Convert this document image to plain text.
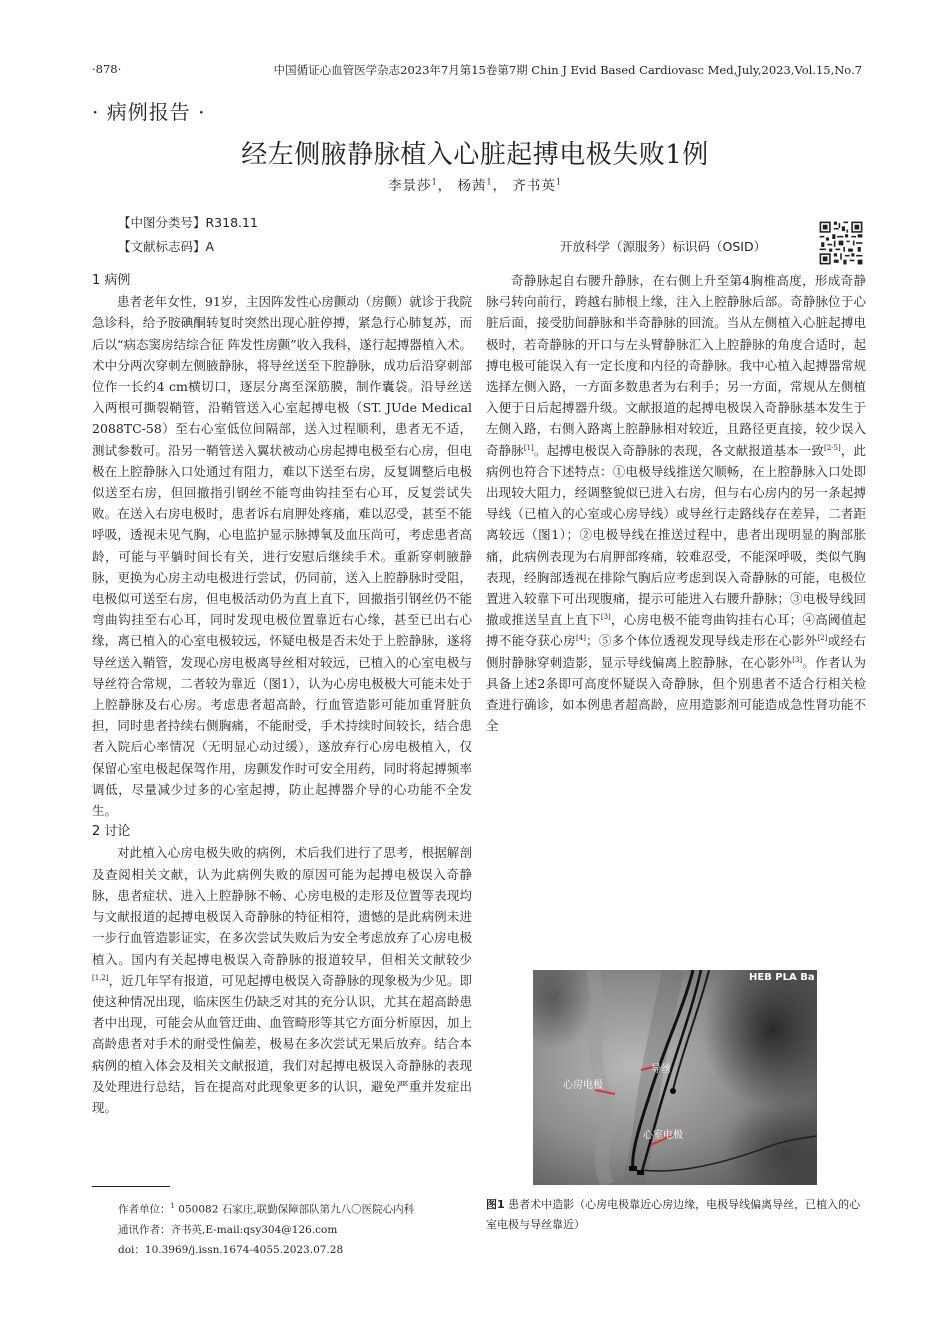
·878·	中国循证心血管医学杂志2023年7月第15卷第7期 Chin J Evid Based Cardiovasc Med,July,2023,Vol.15,No.7
· 病例报告 ·
经左侧腋静脉植入心脏起搏电极失败1例
李景莎$^1$， 杨茜$^1$， 齐书英$^1$
【中图分类号】R318.11
【文献标志码】A	开放科学（源服务）标识码（OSID）
1 病例

患者老年女性，91岁，主因阵发性心房颤动（房颤）就诊于我院急诊科，给予胺碘酮转复时突然出现心脏停搏，紧急行心肺复苏，而后以“病态窦房结综合征 阵发性房颤”收入我科，遂行起搏器植入术。术中分两次穿刺左侧腋静脉，将导丝送至下腔静脉，成功后沿穿刺部位作一长约4 cm横切口，逐层分离至深筋膜，制作囊袋。沿导丝送入两根可撕裂鞘管，沿鞘管送入心室起搏电极（ST. JUde Medical 2088TC-58）至右心室低位间隔部，送入过程顺利，患者无不适，测试参数可。沿另一鞘管送入翼状被动心房起搏电极至右心房，但电极在上腔静脉入口处通过有阻力，难以下送至右房，反复调整后电极似送至右房，但回撤指引钢丝不能弯曲钩挂至右心耳，反复尝试失败。在送入右房电极时，患者诉右肩胛处疼痛，难以忍受，甚至不能呼吸，透视未见气胸，心电监护显示脉搏氧及血压尚可，考虑患者高龄，可能与平躺时间长有关，进行安慰后继续手术。重新穿刺腋静脉，更换为心房主动电极进行尝试，仍同前，送入上腔静脉时受阻，电极似可送至右房，但电极活动仍为直上直下，回撤指引钢丝仍不能弯曲钩挂至右心耳，同时发现电极位置靠近右心缘，甚至已出右心缘，离已植入的心室电极较远，怀疑电极是否未处于上腔静脉，遂将导丝送入鞘管，发现心房电极离导丝相对较远，已植入的心室电极与导丝符合常规，二者较为靠近（图1），认为心房电极极大可能未处于上腔静脉及右心房。考虑患者超高龄，行血管造影可能加重肾脏负担，同时患者持续右侧胸痛，不能耐受，手术持续时间较长，结合患者入院后心率情况（无明显心动过缓），遂放弃行心房电极植入，仅保留心室电极起保驾作用，房颤发作时可安全用药，同时将起搏频率调低，尽量减少过多的心室起搏，防止起搏器介导的心功能不全发生。

2 讨论

对此植入心房电极失败的病例，术后我们进行了思考，根据解剖及查阅相关文献，认为此病例失败的原因可能为起搏电极误入奇静脉，患者症状、进入上腔静脉不畅、心房电极的走形及位置等表现均与文献报道的起搏电极误入奇静脉的特征相符，遗憾的是此病例未进一步行血管造影证实，在多次尝试失败后为安全考虑放弃了心房电极植入。国内有关起搏电极误入奇静脉的报道较早，但相关文献较少[1,2]，近几年罕有报道，可见起搏电极误入奇静脉的现象极为少见。即使这种情况出现，临床医生仍缺乏对其的充分认识，尤其在超高龄患者中出现，可能会从血管迂曲、血管畸形等其它方面分析原因，加上高龄患者对手术的耐受性偏差，极易在多次尝试无果后放弃。结合本病例的植入体会及相关文献报道，我们对起搏电极误入奇静脉的表现及处理进行总结，旨在提高对此现象更多的认识，避免严重并发症出现。

奇静脉起自右腰升静脉，在右侧上升至第4胸椎高度，形成奇静脉弓转向前行，跨越右肺根上缘，注入上腔静脉后部。奇静脉位于心脏后面，接受肋间静脉和半奇静脉的回流。当从左侧植入心脏起搏电极时，若奇静脉的开口与左头臂静脉汇入上腔静脉的角度合适时，起搏电极可能误入有一定长度和内径的奇静脉。我中心植入起搏器常规选择左侧入路，一方面多数患者为右利手；另一方面，常规从左侧植入便于日后起搏器升级。文献报道的起搏电极误入奇静脉基本发生于左侧入路，右侧入路离上腔静脉相对较近，且路径更直接，较少误入奇静脉[1]。起搏电极误入奇静脉的表现，各文献报道基本一致[2-5]，此病例也符合下述特点：①电极导线推送欠顺畅，在上腔静脉入口处即出现较大阻力，经调整貌似已进入右房，但与右心房内的另一条起搏导线（已植入的心室或心房导线）或导丝行走路线存在差异，二者距离较远（图1）；②电极导线在推送过程中，患者出现明显的胸部胀痛，此病例表现为右肩胛部疼痛，较难忍受，不能深呼吸，类似气胸表现，经胸部透视在排除气胸后应考虑到误入奇静脉的可能，电极位置进入较靠下可出现腹痛，提示可能进入右腰升静脉；③电极导线回撤或推送呈直上直下[3]，心房电极不能弯曲钩挂右心耳；④高阈值起搏不能夺获心房[4]；⑤多个体位透视发现导线走形在心影外[2]或经右侧肘静脉穿刺造影，显示导线偏离上腔静脉，在心影外[3]。作者认为具备上述2条即可高度怀疑误入奇静脉，但个别患者不适合行相关检查进行确诊，如本例患者超高龄，应用造影剂可能造成急性肾功能不全

HEB PLA Ba
心房电极
导丝
心室电极
图1 患者术中造影（心房电极靠近心房边缘，电极导线偏离导丝，已植入的心室电极与导丝靠近）
作者单位：$^1$ 050082 石家庄,联勤保障部队第九八〇医院心内科
通讯作者：齐书英,E-mail:qsy304@126.com
doi：10.3969/j.issn.1674-4055.2023.07.28
